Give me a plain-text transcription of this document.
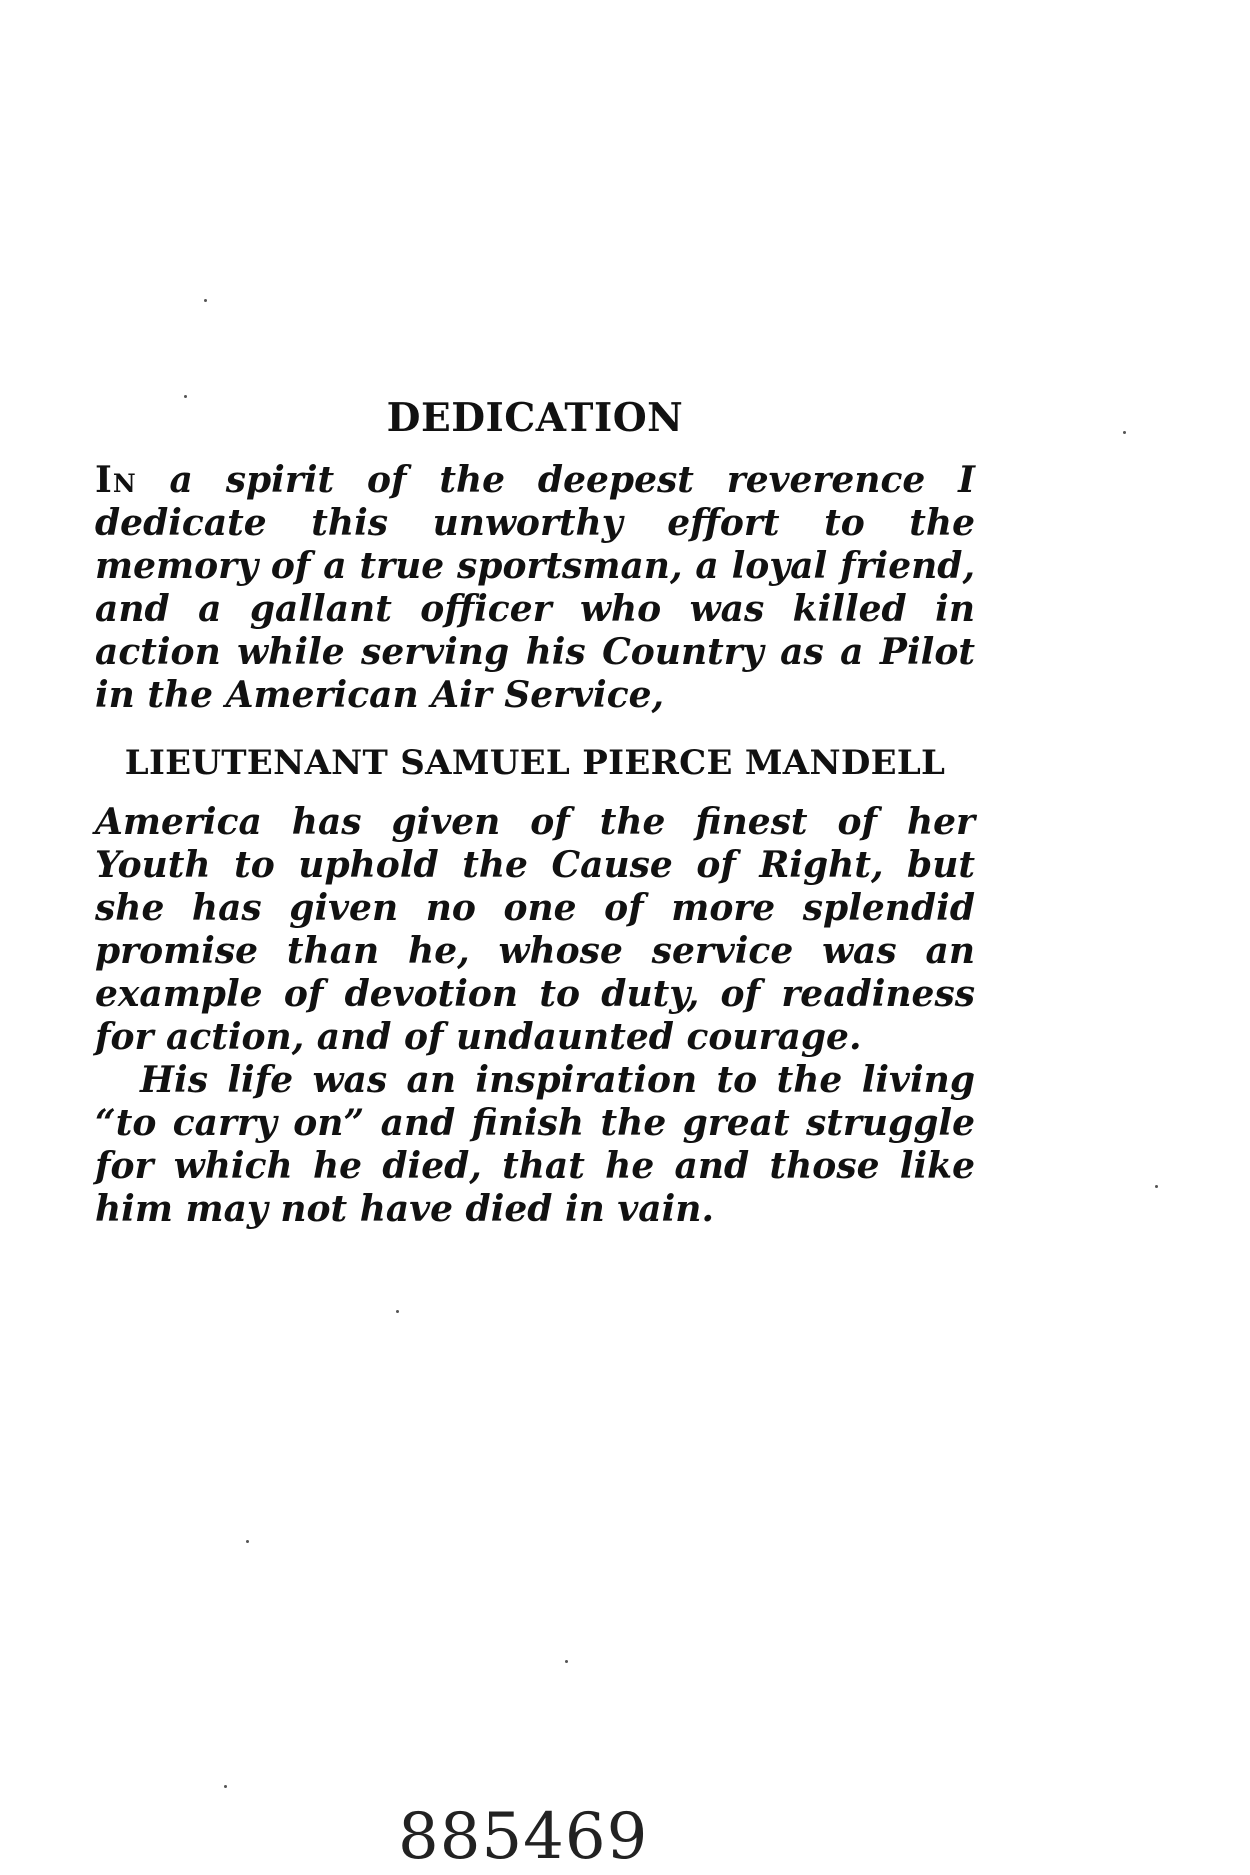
DEDICATION

In a spirit of the deepest reverence I dedicate this unworthy effort to the memory of a true sportsman, a loyal friend, and a gallant officer who was killed in action while serving his Country as a Pilot in the American Air Service,

LIEUTENANT SAMUEL PIERCE MANDELL

America has given of the finest of her Youth to uphold the Cause of Right, but she has given no one of more splendid promise than he, whose service was an example of devotion to duty, of readiness for action, and of undaunted courage.

His life was an inspiration to the living “to carry on” and finish the great struggle for which he died, that he and those like him may not have died in vain.

885469
